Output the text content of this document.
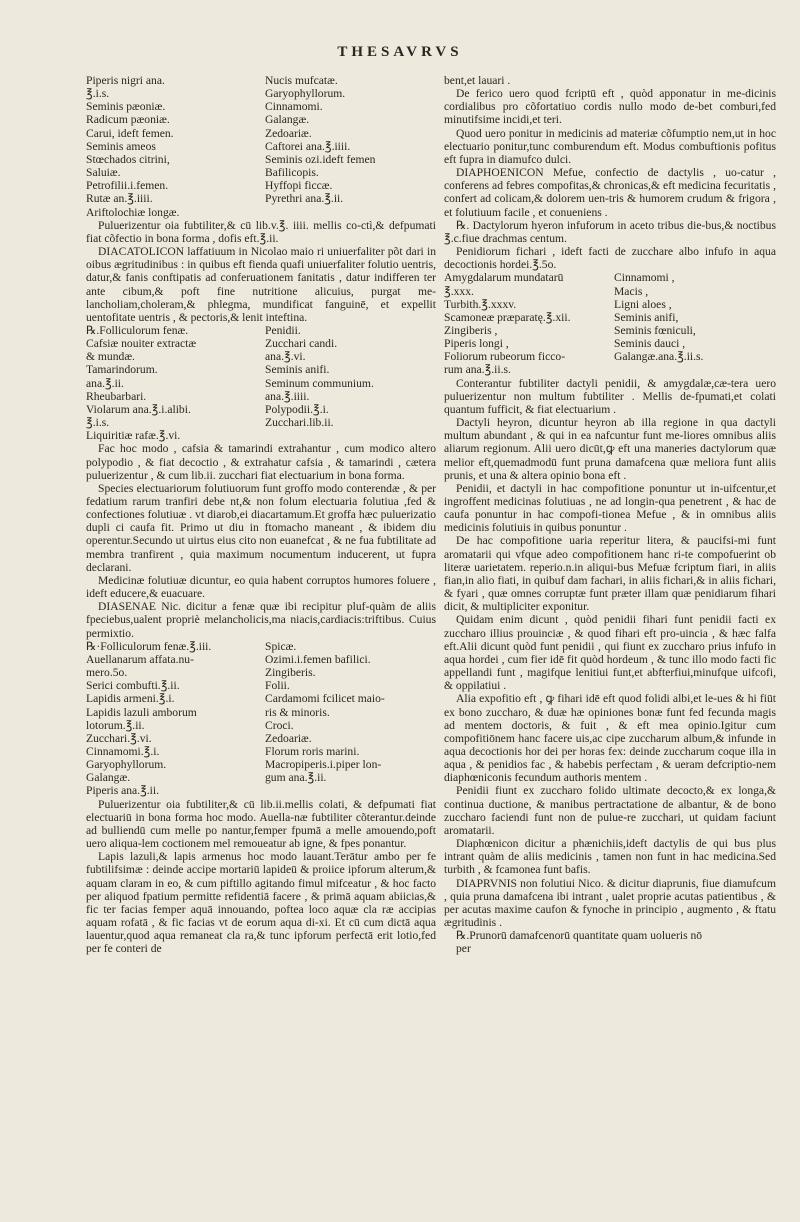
THESAVRVS
Piperis nigri ana.	Nucis mufcatæ.
℥.i.s.	Garyophyllorum.
Seminis pæoniæ.	Cinnamomi.
Radicum pæoniæ.	Galangæ.
Carui, ideft femen.	Zedoariæ.
Seminis ameos	Caftorei ana.℥.iiii.
Stœchados citrini,	Seminis ozi.ideft femen
Saluiæ.	Bafilicopis.
Petrofilii.i.femen.	Hyffopi ficcæ.
Rutæ an.℥.iiii.	Pyrethri ana.℥.ii.
Ariftolochiæ longæ.

Puluerizentur oia fubtiliter,& cū lib.v.℥. iiii. mellis co-ctì,& defpumati fiat cõfectio in bona forma , dofis eft.℥.ii.

DIACATOLICON laffatiuum in Nicolao maio ri uniuerfaliter põt dari in oibus ægritudinibus : in quibus eft fienda quafi uniuerfaliter folutio uentris, datur,& fanis conftipatis ad conferuationem fanitatis , datur indifferen ter ante cibum,& poft fine nutritione alicuius, purgat me-lancholiam,choleram,& phlegma, mundificat fanguinē, et expellit uentofitate uentris , & pectoris,& lenit inteftina.

℞.Folliculorum fenæ.	Penidii.
Cafsiæ nouiter extractæ	Zucchari candi.
& mundæ.	ana.℥.vi.
Tamarindorum.	Seminis anifi.
ana.℥.ii.	Seminum communium.
Rheubarbari.	ana.℥.iiii.
Violarum ana.℥.i.alibi.	Polypodii.℥.i.
℥.i.s.	Zucchari.lib.ii.
Liquiritiæ rafæ.℥.vi.

Fac hoc modo , cafsia & tamarindi extrahantur , cum modico altero polypodio , & fiat decoctio , & extrahatur cafsia , & tamarindi , cætera puluerizentur , & cum lib.ii. zucchari fiat electuarium in bona forma.

Species electuariorum folutiuorum funt groffo modo conterendæ , & per fedatium rarum tranfiri debe nt,& non folum electuaria folutiua ,fed & confectiones folutiuæ . vt diarob,ei diacartamum.Et groffa hæc puluerizatio dupli ci caufa fit. Primo ut diu in ftomacho maneant , & ibidem diu operentur.Secundo ut uirtus eius cito non euanefcat , & ne fua fubtilitate ad membra tranfirent , quia maximum nocumentum inducerent, ut fupra declarani.

Medicinæ folutiuæ dicuntur, eo quia habent corruptos humores foluere , ideft educere,& euacuare.

DIASENAE Nic. dicitur a fenæ quæ ibi recipitur pluf-quàm de aliis fpeciebus,ualent propriè melancholicis,ma niacis,cardiacis:triftibus. Cuius permixtio.

℞·Folliculorum fenæ.℥.iii.	Spicæ.
Auellanarum affata.nu-	Ozimi.i.femen bafilici.
mero.5o.	Zingiberis.
Serici combufti.℥.ii.	Folii.
Lapidis armeni.℥.i.	Cardamomi fcilicet maio-
Lapidis lazuli amborum	ris & minoris.
lotorum.℥.ii.	Croci.
Zucchari.℥.vi.	Zedoariæ.
Cinnamomi.℥.i.	Florum roris marini.
Garyophyllorum.	Macropiperis.i.piper lon-
Galangæ.	gum ana.℥.ii.
Piperis ana.℥.ii.

Puluerizentur oia fubtiliter,& cū lib.ii.mellis colati, & defpumati fiat electuariū in bona forma hoc modo. Auella-næ fubtiliter cõterantur.deinde ad bulliendū cum melle po nantur,femper fpumā a melle amouendo,poft uero aliqua-lem coctionem mel remoueatur ab igne, & fpes ponantur.

Lapis lazuli,& lapis armenus hoc modo lauant.Terātur ambo per fe fubtilifsimæ : deinde accipe mortariū lapideū & proiice ipforum alterum,& aquam claram in eo, & cum piftillo agitando fimul mifceatur , & hoc facto per aliquod fpatium permitte refidentiā facere , & primā aquam abiicias,& fic ter facias femper aquā innouando, poftea loco aquæ cla ræ accipias aquam rofatā , & fic facias vt de eorum aqua di-xi. Et cū cum dictā aqua lauentur,quod aqua remaneat cla ra,& tunc ipforum perfectā erit lotio,fed per fe conteri de

bent,et lauari .

De ferico uero quod fcriptū eft , quòd apponatur in me-dicinis cordialibus pro cõfortatiuo cordis nullo modo de-bet comburi,fed minutifsime incidi,et teri.

Quod uero ponitur in medicinis ad materiæ cõfumptio nem,ut in hoc electuario ponitur,tunc comburendum eft. Modus combuftionis pofitus eft fupra in diamufco dulci.

DIAPHOENICON Mefue, confectio de dactylis , uo-catur , conferens ad febres compofitas,& chronicas,& eft medicina fecuritatis , confert ad colicam,& dolorem uen-tris & humorem crudum & frigora , et folutiuum facile , et conueniens .

℞. Dactylorum hyeron infuforum in aceto tribus die-bus,& noctibus ℥.c.fiue drachmas centum.

Penidiorum fichari , ideft facti de zucchare albo infufo in aqua decoctionis hordei.℥.5o.

Amygdalarum mundatarū	Cinnamomi ,
℥.xxx.	Macis ,
Turbith.℥.xxxv.	Ligni aloes ,
Scamoneæ præparatę.℥.xii.	Seminis anifi,
Zingiberis ,	Seminis fœniculi,
Piperis longi ,	Seminis dauci ,
Foliorum rubeorum ficco-	Galangæ.ana.℥.ii.s.
rum ana.℥.ii.s.

Conterantur fubtiliter dactyli penidii, & amygdalæ,cæ-tera uero puluerizentur non multum fubtiliter . Mellis de-fpumati,et colati quantum fufficit, & fiat electuarium .

Dactyli heyron, dicuntur heyron ab illa regione in qua dactyli multum abundant , & qui in ea nafcuntur funt me-liores omnibus aliis aliarum regionum. Alii uero dicūt,ꝙ eft una maneries dactylorum quæ melior eft,quemadmodū funt pruna damafcena quæ meliora funt aliis prunis, et una & altera opinio bona eft .

Penidii, et dactyli in hac compofitione ponuntur ut in-uifcentur,et ingroffent medicinas folutiuas , ne ad longin-qua penetrent , & hac de caufa ponuntur in hac compofi-tionea Mefue , & in omnibus aliis medicinis folutiuis in quibus ponuntur .

De hac compofitione uaria reperitur litera, & paucifsi-mi funt aromatarii qui vfque adeo compofitionem hanc ri-te compofuerint ob literæ uarietatem. reperio.n.in aliqui-bus Mefuæ fcriptum fiari, in aliis fian,in alio fiati, in quibuf dam fachari, in aliis fichari,& in aliis fichari, & fyari , quæ omnes corruptæ funt præter illam quæ penidiarum fihari dicit, & multipliciter exponitur.

Quidam enim dicunt , quòd penidii fihari funt penidii facti ex zuccharo illius prouinciæ , & quod fihari eft pro-uincia , & hæc falfa eft.Alii dicunt quòd funt penidii , qui fiunt ex zuccharo prius infufo in aqua hordei , cum fier idē fit quòd hordeum , & tunc illo modo facti fic appellandi funt , magifque lenitiui funt,et abfterfiui,minufque uifcofi, & oppilatiui .

Alia expofitio eft , ꝙ fihari idē eft quod folidi albi,et le-ues & hi fiūt ex bono zuccharo, & duæ hæ opiniones bonæ funt fed fecunda magis ad mentem doctoris, & fuit , & eft mea opinio.Igitur cum compofitiōnem hanc facere uis,ac cipe zuccharum album,& infunde in aqua decoctionis hor dei per horas fex: deinde zuccharum coque illa in aqua , & penidios fac , & habebis perfectam , & ueram defcriptio-nem diaphœniconis fecundum authoris mentem .

Penidii fiunt ex zuccharo folido ultimate decocto,& ex longa,& continua ductione, & manibus pertractatione de albantur, & de bono zuccharo faciendi funt non de pulue-re zucchari, ut quidam faciunt aromatarii.

Diaphœnicon dicitur a phænichiis,ideft dactylis de qui bus plus intrant quàm de aliis medicinis , tamen non funt in hac medicina.Sed turbith , & fcamonea funt bafis.

DIAPRVNIS non folutiui Nico. & dicitur diaprunis, fiue diamufcum , quia pruna damafcena ibi intrant , ualet proprie acutas patientibus , & per acutas maxime caufon & fynoche in principio , augmento , & ftatu ægritudinis .

℞.Prunorū damafcenorū quantitate quam uolueris nō

per
